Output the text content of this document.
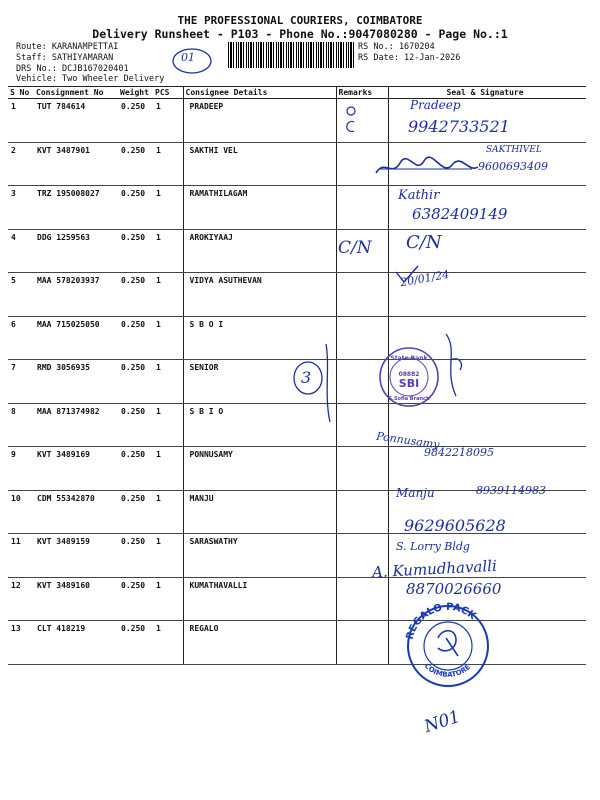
THE PROFESSIONAL COURIERS, COIMBATORE
Delivery Runsheet - P103 - Phone No.:9047080280 - Page No.:1
Route: KARANAMPETTAI
Staff: SATHIYAMARAN
DRS No.: DCJB167020401
Vehicle: Two Wheeler Delivery
RS No.: 1670204
RS Date: 12-Jan-2026
01
S No	Consignment No	Weight	PCS	Consignee Details	Remarks	Seal & Signature
1	TUT 784614	0.250	1	PRADEEP		
2	KVT 3487901	0.250	1	SAKTHI VEL		
3	TRZ 195008027	0.250	1	RAMATHILAGAM		
4	DDG 1259563	0.250	1	AROKIYAAJ		
5	MAA 578203937	0.250	1	VIDYA ASUTHEVAN		
6	MAA 715025050	0.250	1	S B O I		
7	RMD 3056935	0.250	1	SENIOR		
8	MAA 871374982	0.250	1	S B I O		
9	KVT 3489169	0.250	1	PONNUSAMY		
10	CDM 55342870	0.250	1	MANJU		
11	KVT 3489159	0.250	1	SARASWATHY		
12	KVT 3489160	0.250	1	KUMATHAVALLI		
13	CLT 418219	0.250	1	REGALO		
Pradeep
9942733521
SAKTHIVEL
9600693409
Kathir
6382409149
C/N C/N
20/01/24
3
State Bank
08882
SBI
S.Sofia Branch
Ponnusamy
9842218095
Manju	8939114983
9629605628
S. Lorry Bldg
A. Kumudhavalli
8870026660
REGALO PACK
COIMBATORE
N01
